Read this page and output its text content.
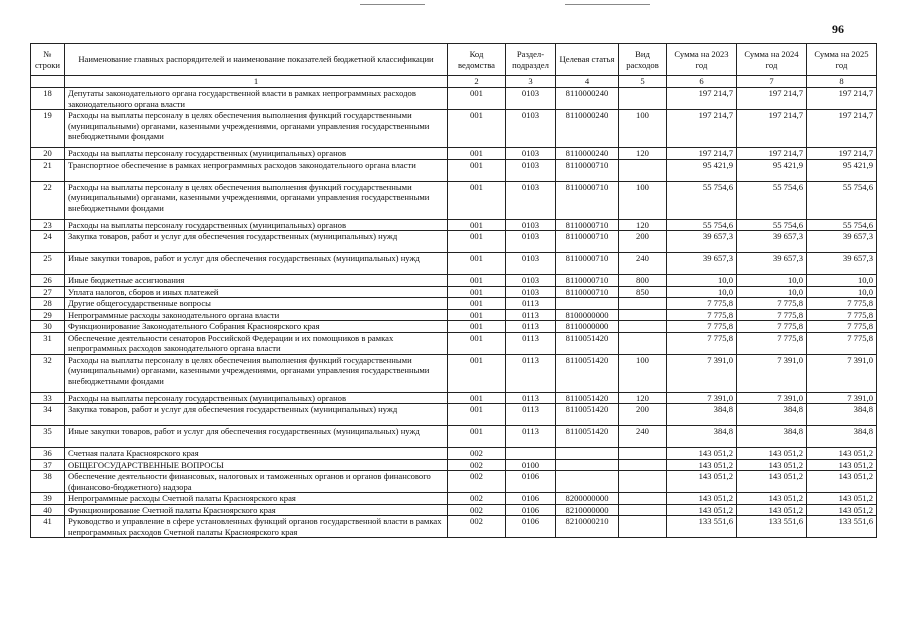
96
№ строки	Наименование главных распорядителей и наименование показателей бюджетной классификации	Код ведомства	Раздел-подраздел	Целевая статья	Вид расходов	Сумма на 2023 год	Сумма на 2024 год	Сумма на 2025 год
	1	2	3	4	5	6	7	8
18	Депутаты законодательного органа государственной власти в рамках непрограммных расходов законодательного органа власти	001	0103	8110000240		197 214,7	197 214,7	197 214,7
19	Расходы на выплаты персоналу в целях обеспечения выполнения функций государственными (муниципальными) органами, казенными учреждениями, органами управления государственными внебюджетными фондами	001	0103	8110000240	100	197 214,7	197 214,7	197 214,7
20	Расходы на выплаты персоналу государственных (муниципальных) органов	001	0103	8110000240	120	197 214,7	197 214,7	197 214,7
21	Транспортное обеспечение в рамках непрограммных расходов законодательного органа власти	001	0103	8110000710		95 421,9	95 421,9	95 421,9
22	Расходы на выплаты персоналу в целях обеспечения выполнения функций государственными (муниципальными) органами, казенными учреждениями, органами управления государственными внебюджетными фондами	001	0103	8110000710	100	55 754,6	55 754,6	55 754,6
23	Расходы на выплаты персоналу государственных (муниципальных) органов	001	0103	8110000710	120	55 754,6	55 754,6	55 754,6
24	Закупка товаров, работ и услуг для обеспечения государственных (муниципальных) нужд	001	0103	8110000710	200	39 657,3	39 657,3	39 657,3
25	Иные закупки товаров, работ и услуг для обеспечения государственных (муниципальных) нужд	001	0103	8110000710	240	39 657,3	39 657,3	39 657,3
26	Иные бюджетные ассигнования	001	0103	8110000710	800	10,0	10,0	10,0
27	Уплата налогов, сборов и иных платежей	001	0103	8110000710	850	10,0	10,0	10,0
28	Другие общегосударственные вопросы	001	0113			7 775,8	7 775,8	7 775,8
29	Непрограммные расходы законодательного органа власти	001	0113	8100000000		7 775,8	7 775,8	7 775,8
30	Функционирование Законодательного Собрания Красноярского края	001	0113	8110000000		7 775,8	7 775,8	7 775,8
31	Обеспечение деятельности сенаторов Российской Федерации и их помощников в рамках непрограммных расходов законодательного органа власти	001	0113	8110051420		7 775,8	7 775,8	7 775,8
32	Расходы на выплаты персоналу в целях обеспечения выполнения функций государственными (муниципальными) органами, казенными учреждениями, органами управления государственными внебюджетными фондами	001	0113	8110051420	100	7 391,0	7 391,0	7 391,0
33	Расходы на выплаты персоналу государственных (муниципальных) органов	001	0113	8110051420	120	7 391,0	7 391,0	7 391,0
34	Закупка товаров, работ и услуг для обеспечения государственных (муниципальных) нужд	001	0113	8110051420	200	384,8	384,8	384,8
35	Иные закупки товаров, работ и услуг для обеспечения государственных (муниципальных) нужд	001	0113	8110051420	240	384,8	384,8	384,8
36	Счетная палата Красноярского края	002				143 051,2	143 051,2	143 051,2
37	ОБЩЕГОСУДАРСТВЕННЫЕ ВОПРОСЫ	002	0100			143 051,2	143 051,2	143 051,2
38	Обеспечение деятельности финансовых, налоговых и таможенных органов и органов финансового (финансово-бюджетного) надзора	002	0106			143 051,2	143 051,2	143 051,2
39	Непрограммные расходы Счетной палаты Красноярского края	002	0106	8200000000		143 051,2	143 051,2	143 051,2
40	Функционирование Счетной палаты Красноярского края	002	0106	8210000000		143 051,2	143 051,2	143 051,2
41	Руководство и управление в сфере установленных функций органов государственной власти в рамках непрограммных расходов Счетной палаты Красноярского края	002	0106	8210000210		133 551,6	133 551,6	133 551,6
